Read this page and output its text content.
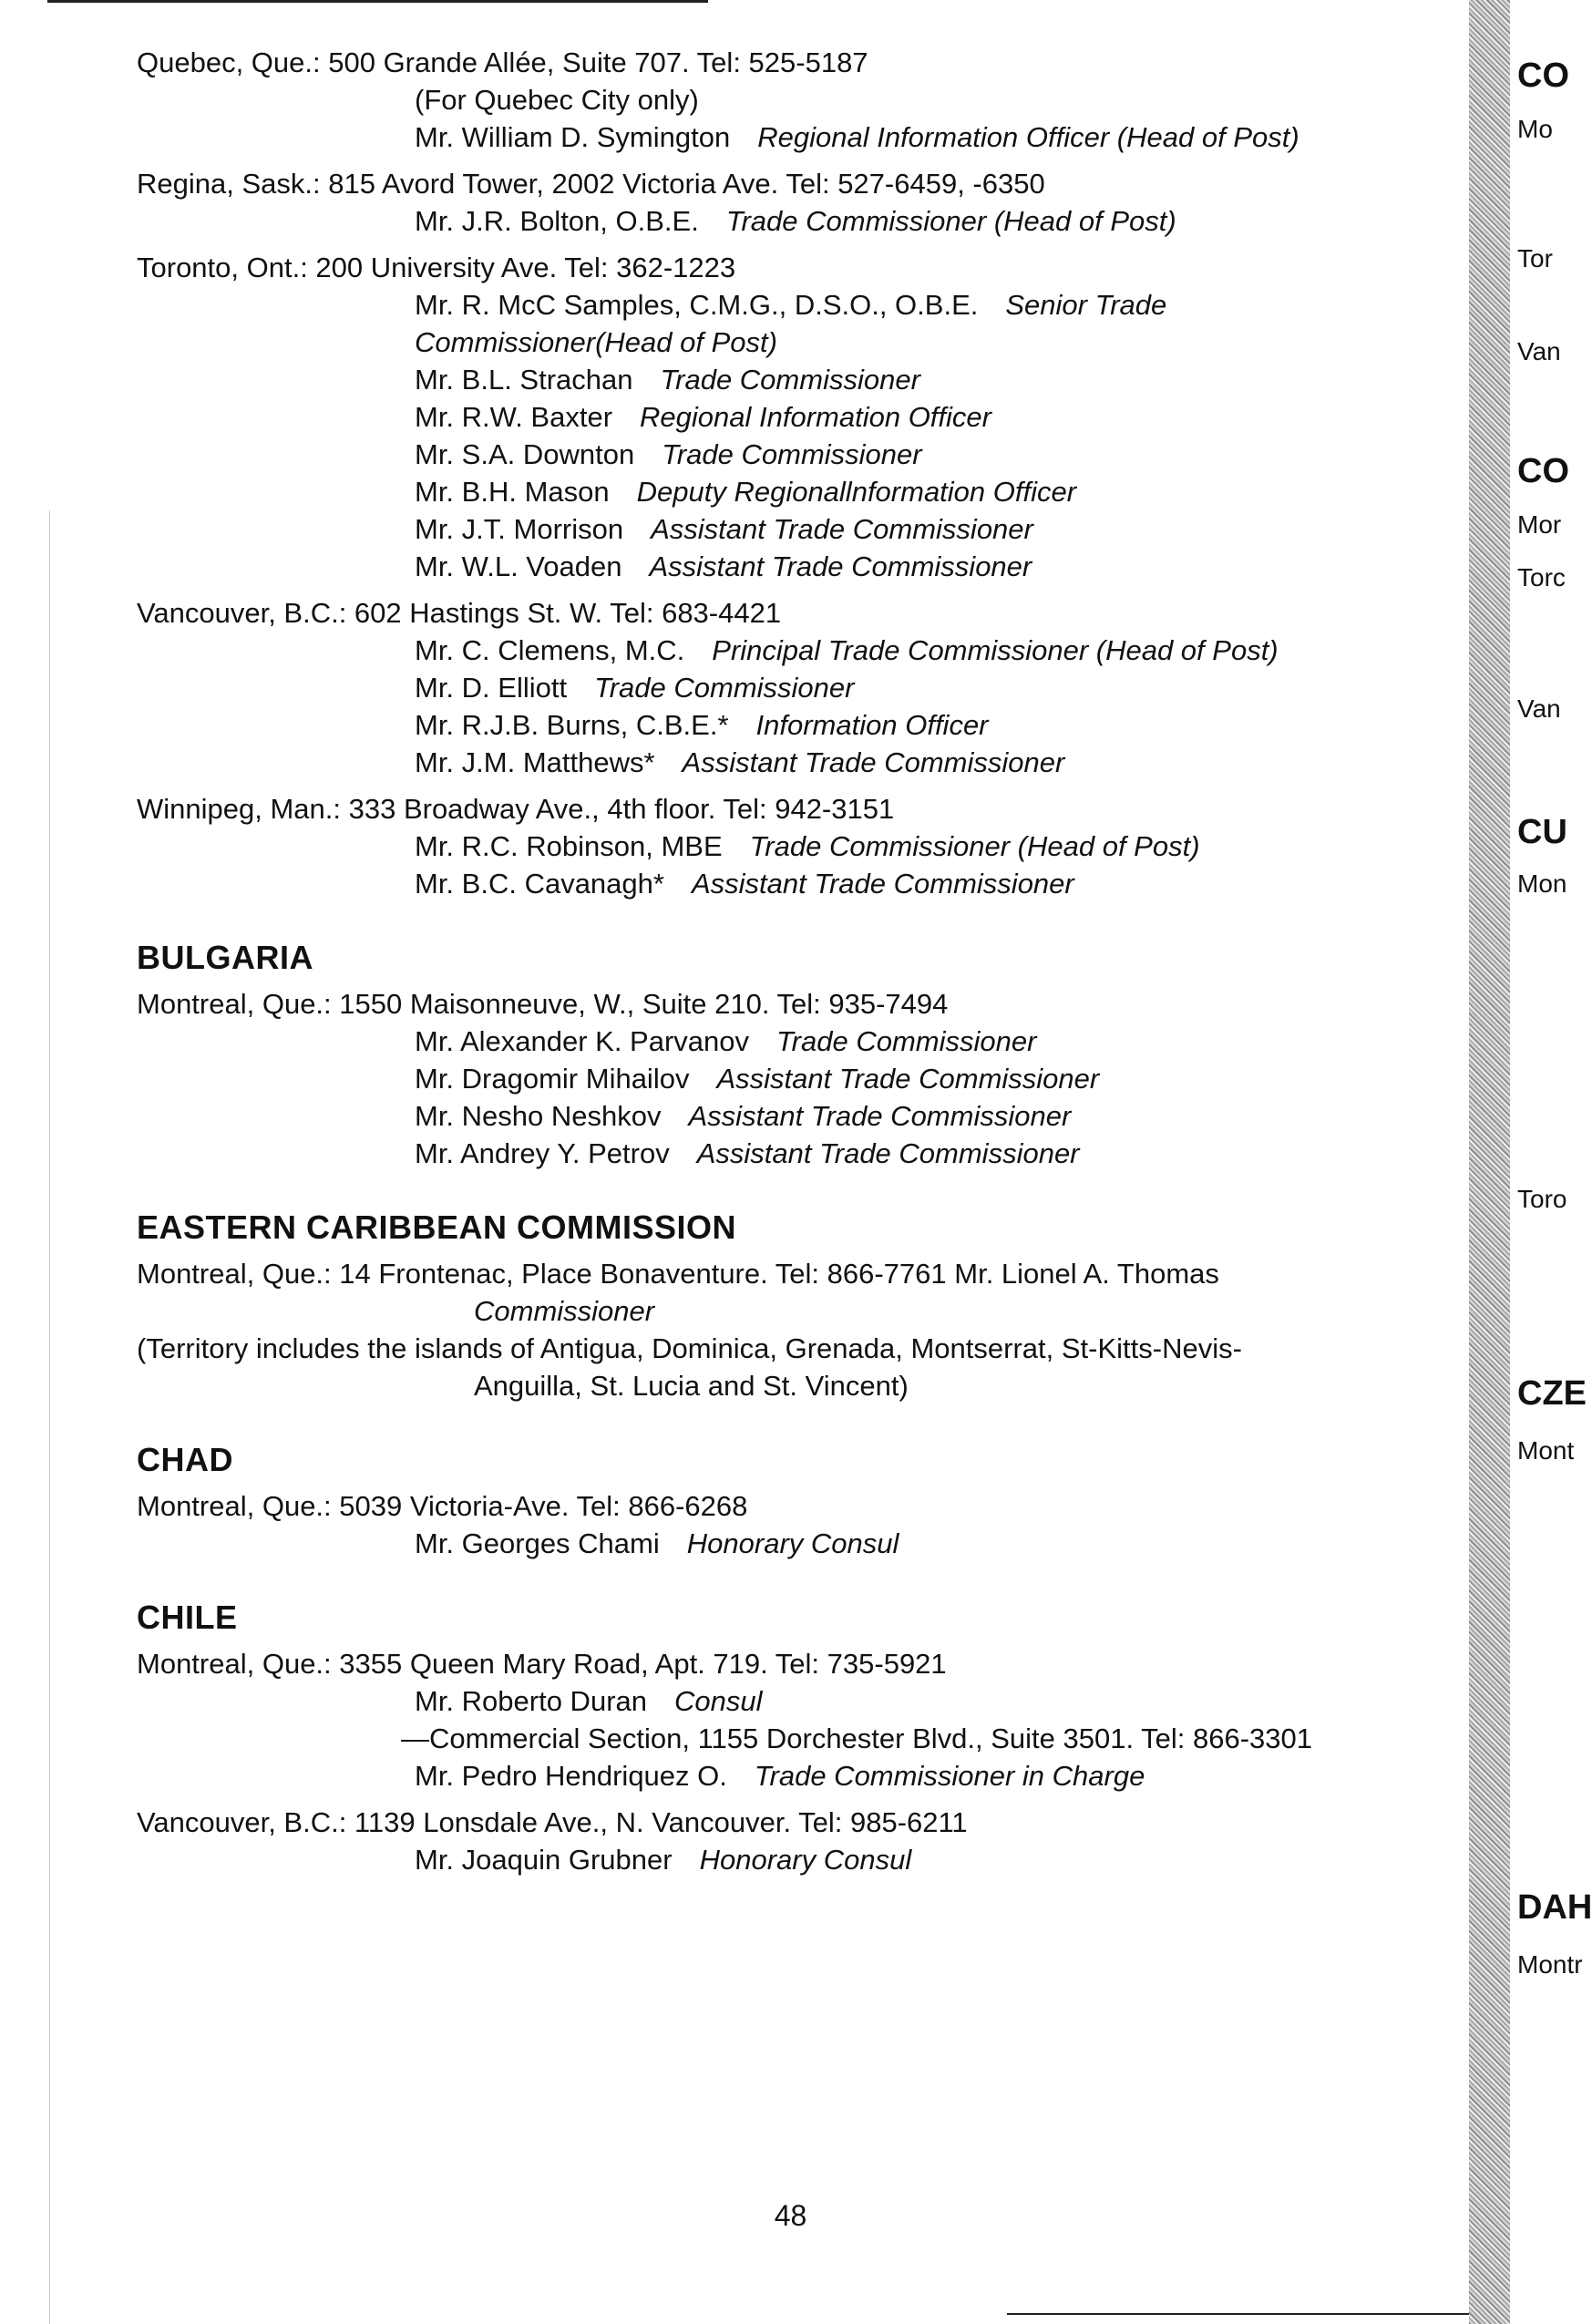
Quebec, Que.: 500 Grande Allée, Suite 707. Tel: 525-5187
(For Quebec City only)
Mr. William D. Symington Regional Information Officer (Head of Post)
Regina, Sask.: 815 Avord Tower, 2002 Victoria Ave. Tel: 527-6459, -6350
Mr. J.R. Bolton, O.B.E. Trade Commissioner (Head of Post)
Toronto, Ont.: 200 University Ave. Tel: 362-1223
Mr. R. McC Samples, C.M.G., D.S.O., O.B.E. Senior Trade Commissioner(Head of Post)
Mr. B.L. Strachan Trade Commissioner
Mr. R.W. Baxter Regional Information Officer
Mr. S.A. Downton Trade Commissioner
Mr. B.H. Mason Deputy Regionallnformation Officer
Mr. J.T. Morrison Assistant Trade Commissioner
Mr. W.L. Voaden Assistant Trade Commissioner
Vancouver, B.C.: 602 Hastings St. W. Tel: 683-4421
Mr. C. Clemens, M.C. Principal Trade Commissioner (Head of Post)
Mr. D. Elliott Trade Commissioner
Mr. R.J.B. Burns, C.B.E.* Information Officer
Mr. J.M. Matthews* Assistant Trade Commissioner
Winnipeg, Man.: 333 Broadway Ave., 4th floor. Tel: 942-3151
Mr. R.C. Robinson, MBE Trade Commissioner (Head of Post)
Mr. B.C. Cavanagh* Assistant Trade Commissioner
BULGARIA
Montreal, Que.: 1550 Maisonneuve, W., Suite 210. Tel: 935-7494
Mr. Alexander K. Parvanov Trade Commissioner
Mr. Dragomir Mihailov Assistant Trade Commissioner
Mr. Nesho Neshkov Assistant Trade Commissioner
Mr. Andrey Y. Petrov Assistant Trade Commissioner
EASTERN CARIBBEAN COMMISSION
Montreal, Que.: 14 Frontenac, Place Bonaventure. Tel: 866-7761 Mr. Lionel A. Thomas
Commissioner
(Territory includes the islands of Antigua, Dominica, Grenada, Montserrat, St-Kitts-Nevis-
Anguilla, St. Lucia and St. Vincent)
CHAD
Montreal, Que.: 5039 Victoria-Ave. Tel: 866-6268
Mr. Georges Chami Honorary Consul
CHILE
Montreal, Que.: 3355 Queen Mary Road, Apt. 719. Tel: 735-5921
Mr. Roberto Duran Consul
—Commercial Section, 1155 Dorchester Blvd., Suite 3501. Tel: 866-3301
Mr. Pedro Hendriquez O. Trade Commissioner in Charge
Vancouver, B.C.: 1139 Lonsdale Ave., N. Vancouver. Tel: 985-6211
Mr. Joaquin Grubner Honorary Consul
48
CO
Mo
Tor
Van
CO
Mor
Torc
Van
CU
Mon
Toro
CZE
Mont
DAH
Montr
